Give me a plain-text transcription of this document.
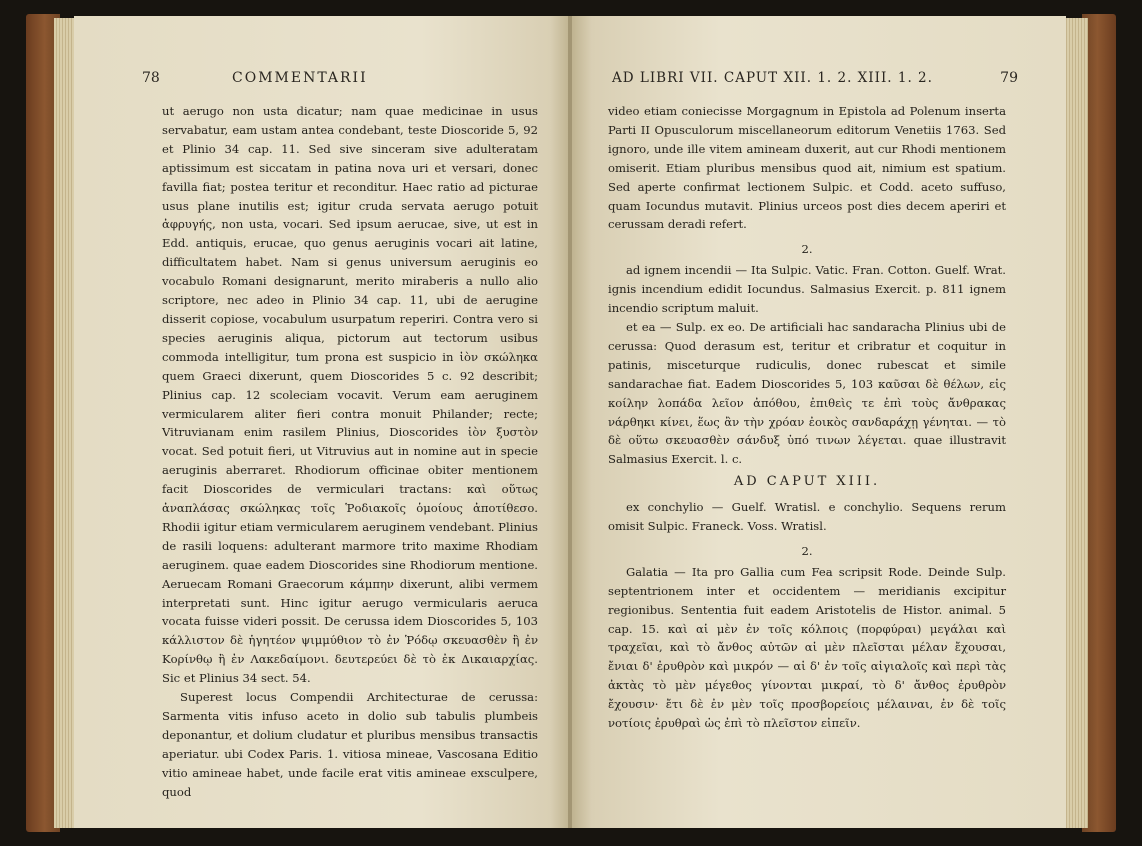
78	COMMENTARII

ut aerugo non usta dicatur; nam quae medicinae in usus servabatur, eam ustam antea condebant, teste Dioscoride 5, 92 et Plinio 34 cap. 11. Sed sive sinceram sive adulteratam aptissimum est siccatam in patina nova uri et versari, donec favilla fiat; postea teritur et reconditur. Haec ratio ad picturae usus plane inutilis est; igitur cruda servata aerugo potuit ἀφρυγής, non usta, vocari. Sed ipsum aerucae, sive, ut est in Edd. antiquis, erucae, quo genus aeruginis vocari ait latine, difficultatem habet. Nam si genus universum aeruginis eo vocabulo Romani designarunt, merito miraberis a nullo alio scriptore, nec adeo in Plinio 34 cap. 11, ubi de aerugine disserit copiose, vocabulum usurpatum reperiri. Contra vero si species aeruginis aliqua, pictorum aut tectorum usibus commoda intelligitur, tum prona est suspicio in ἰὸν σκώληκα quem Graeci dixerunt, quem Dioscorides 5 c. 92 describit; Plinius cap. 12 scoleciam vocavit. Verum eam aeruginem vermicularem aliter fieri contra monuit Philander; recte; Vitruvianam enim rasilem Plinius, Dioscorides ἰὸν ξυστὸν vocat. Sed potuit fieri, ut Vitruvius aut in nomine aut in specie aeruginis aberraret. Rhodiorum officinae obiter mentionem facit Dioscorides de vermiculari tractans: καὶ οὕτως ἀναπλάσας σκώληκας τοῖς Ῥοδιακοῖς ὁμοίους ἀποτίθεσο. Rhodii igitur etiam vermicularem aeruginem vendebant. Plinius de rasili loquens: adulterant marmore trito maxime Rhodiam aeruginem. quae eadem Dioscorides sine Rhodiorum mentione. Aeruecam Romani Graecorum κάμπην dixerunt, alibi vermem interpretati sunt. Hinc igitur aerugo vermicularis aeruca vocata fuisse videri possit. De cerussa idem Dioscorides 5, 103 κάλλιστον δὲ ἡγητέον ψιμμύθιον τὸ ἐν Ῥόδῳ σκευασθὲν ἢ ἐν Κορίνθῳ ἢ ἐν Λακεδαίμονι. δευτερεύει δὲ τὸ ἐκ Δικαιαρχίας. Sic et Plinius 34 sect. 54.

Superest locus Compendii Architecturae de cerussa: Sarmenta vitis infuso aceto in dolio sub tabulis plumbeis deponantur, et dolium cludatur et pluribus mensibus transactis aperiatur. ubi Codex Paris. 1. vitiosa mineae, Vascosana Editio vitio amineae habet, unde facile erat vitis amineae exsculpere, quod

AD LIBRI VII. CAPUT XII. 1. 2. XIII. 1. 2.	79

video etiam coniecisse Morgagnum in Epistola ad Polenum inserta Parti II Opusculorum miscellaneorum editorum Venetiis 1763. Sed ignoro, unde ille vitem amineam duxerit, aut cur Rhodi mentionem omiserit. Etiam pluribus mensibus quod ait, nimium est spatium. Sed aperte confirmat lectionem Sulpic. et Codd. aceto suffuso, quam Iocundus mutavit. Plinius urceos post dies decem aperiri et cerussam deradi refert.

2.

ad ignem incendii — Ita Sulpic. Vatic. Fran. Cotton. Guelf. Wrat. ignis incendium edidit Iocundus. Salmasius Exercit. p. 811 ignem incendio scriptum maluit.

et ea — Sulp. ex eo. De artificiali hac sandaracha Plinius ubi de cerussa: Quod derasum est, teritur et cribratur et coquitur in patinis, misceturque rudiculis, donec rubescat et simile sandarachae fiat. Eadem Dioscorides 5, 103 καῦσαι δὲ θέλων, εἰς κοίλην λοπάδα λεῖον ἀπόθου, ἐπιθεὶς τε ἐπὶ τοὺς ἄνθρακας νάρθηκι κίνει, ἕως ἂν τὴν χρόαν ἐοικὸς σανδαράχῃ γένηται. — τὸ δὲ οὕτω σκευασθὲν σάνδυξ ὑπό τινων λέγεται. quae illustravit Salmasius Exercit. l. c.

AD CAPUT XIII.

ex conchylio — Guelf. Wratisl. e conchylio. Sequens rerum omisit Sulpic. Franeck. Voss. Wratisl.

2.

Galatia — Ita pro Gallia cum Fea scripsit Rode. Deinde Sulp. septentrionem inter et occidentem — meridianis excipitur regionibus. Sententia fuit eadem Aristotelis de Histor. animal. 5 cap. 15. καὶ αἱ μὲν ἐν τοῖς κόλποις (πορφύραι) μεγάλαι καὶ τραχεῖαι, καὶ τὸ ἄνθος αὐτῶν αἱ μὲν πλεῖσται μέλαν ἔχουσαι, ἔνιαι δ' ἐρυθρὸν καὶ μικρόν — αἱ δ' ἐν τοῖς αἰγιαλοῖς καὶ περὶ τὰς ἀκτὰς τὸ μὲν μέγεθος γίνονται μικραί, τὸ δ' ἄνθος ἐρυθρὸν ἔχουσιν· ἔτι δὲ ἐν μὲν τοῖς προσβορείοις μέλαιναι, ἐν δὲ τοῖς νοτίοις ἐρυθραὶ ὡς ἐπὶ τὸ πλεῖστον εἰπεῖν.
